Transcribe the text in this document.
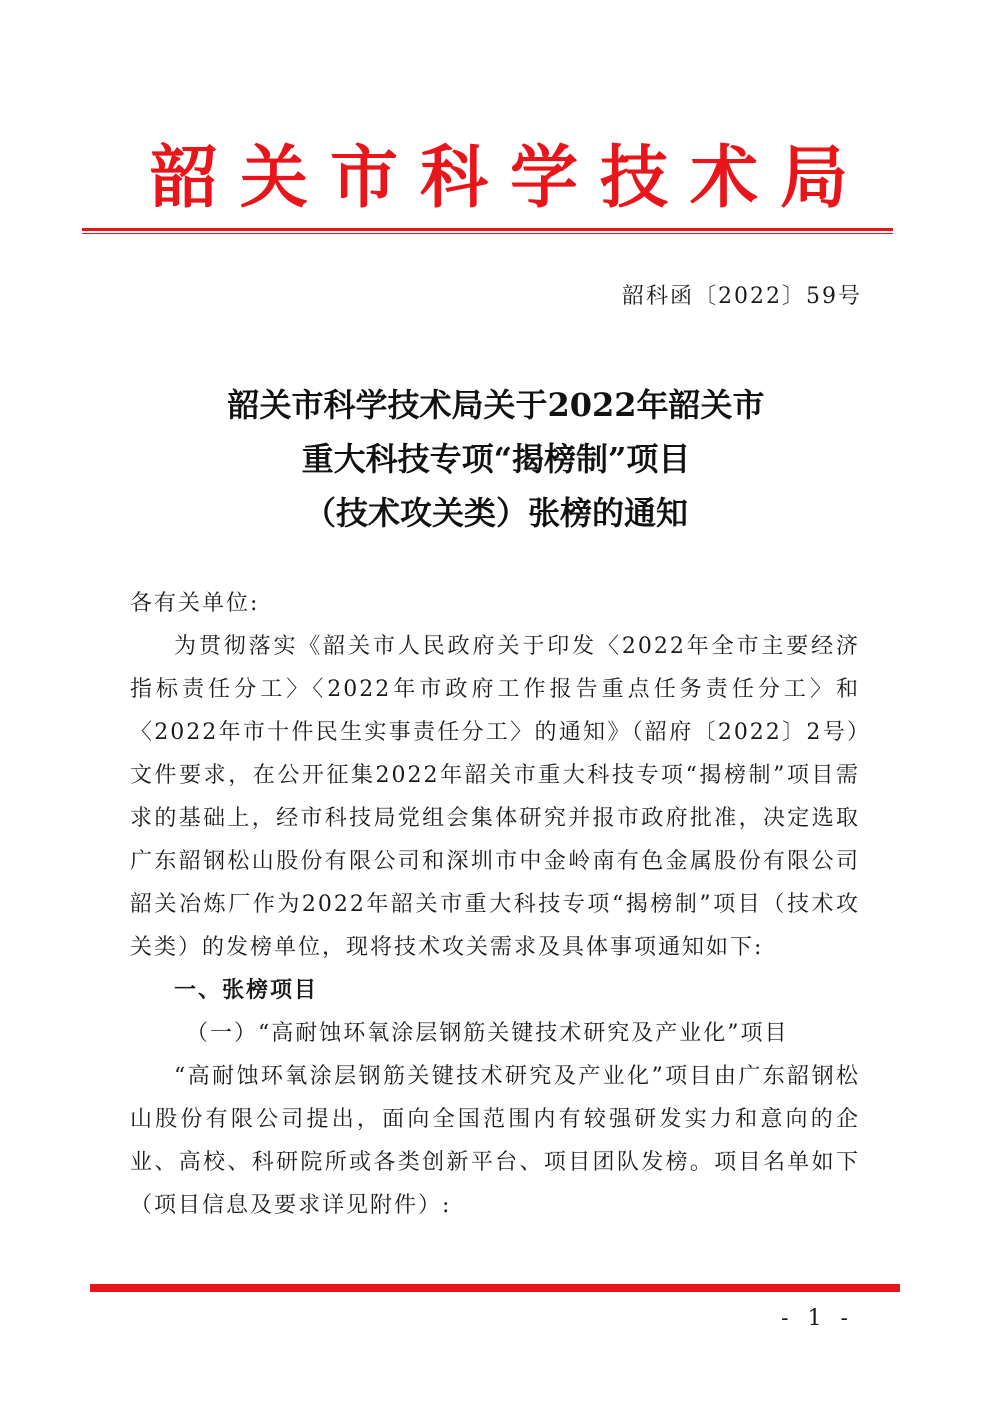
韶关市科学技术局
韶科函〔2022〕59号
韶关市科学技术局关于2022年韶关市
重大科技专项“揭榜制”项目
（技术攻关类）张榜的通知

各有关单位:

为贯彻落实《韶关市人民政府关于印发〈2022年全市主要经济指标责任分工〉〈2022年市政府工作报告重点任务责任分工〉和〈2022年市十件民生实事责任分工〉的通知》（韶府〔2022〕2号）文件要求，在公开征集2022年韶关市重大科技专项“揭榜制”项目需求的基础上，经市科技局党组会集体研究并报市政府批准，决定选取广东韶钢松山股份有限公司和深圳市中金岭南有色金属股份有限公司韶关冶炼厂作为2022年韶关市重大科技专项“揭榜制”项目（技术攻关类）的发榜单位，现将技术攻关需求及具体事项通知如下:

一、张榜项目

（一）“高耐蚀环氧涂层钢筋关键技术研究及产业化”项目

“高耐蚀环氧涂层钢筋关键技术研究及产业化”项目由广东韶钢松山股份有限公司提出，面向全国范围内有较强研发实力和意向的企业、高校、科研院所或各类创新平台、项目团队发榜。项目名单如下（项目信息及要求详见附件）:

- 1 -
